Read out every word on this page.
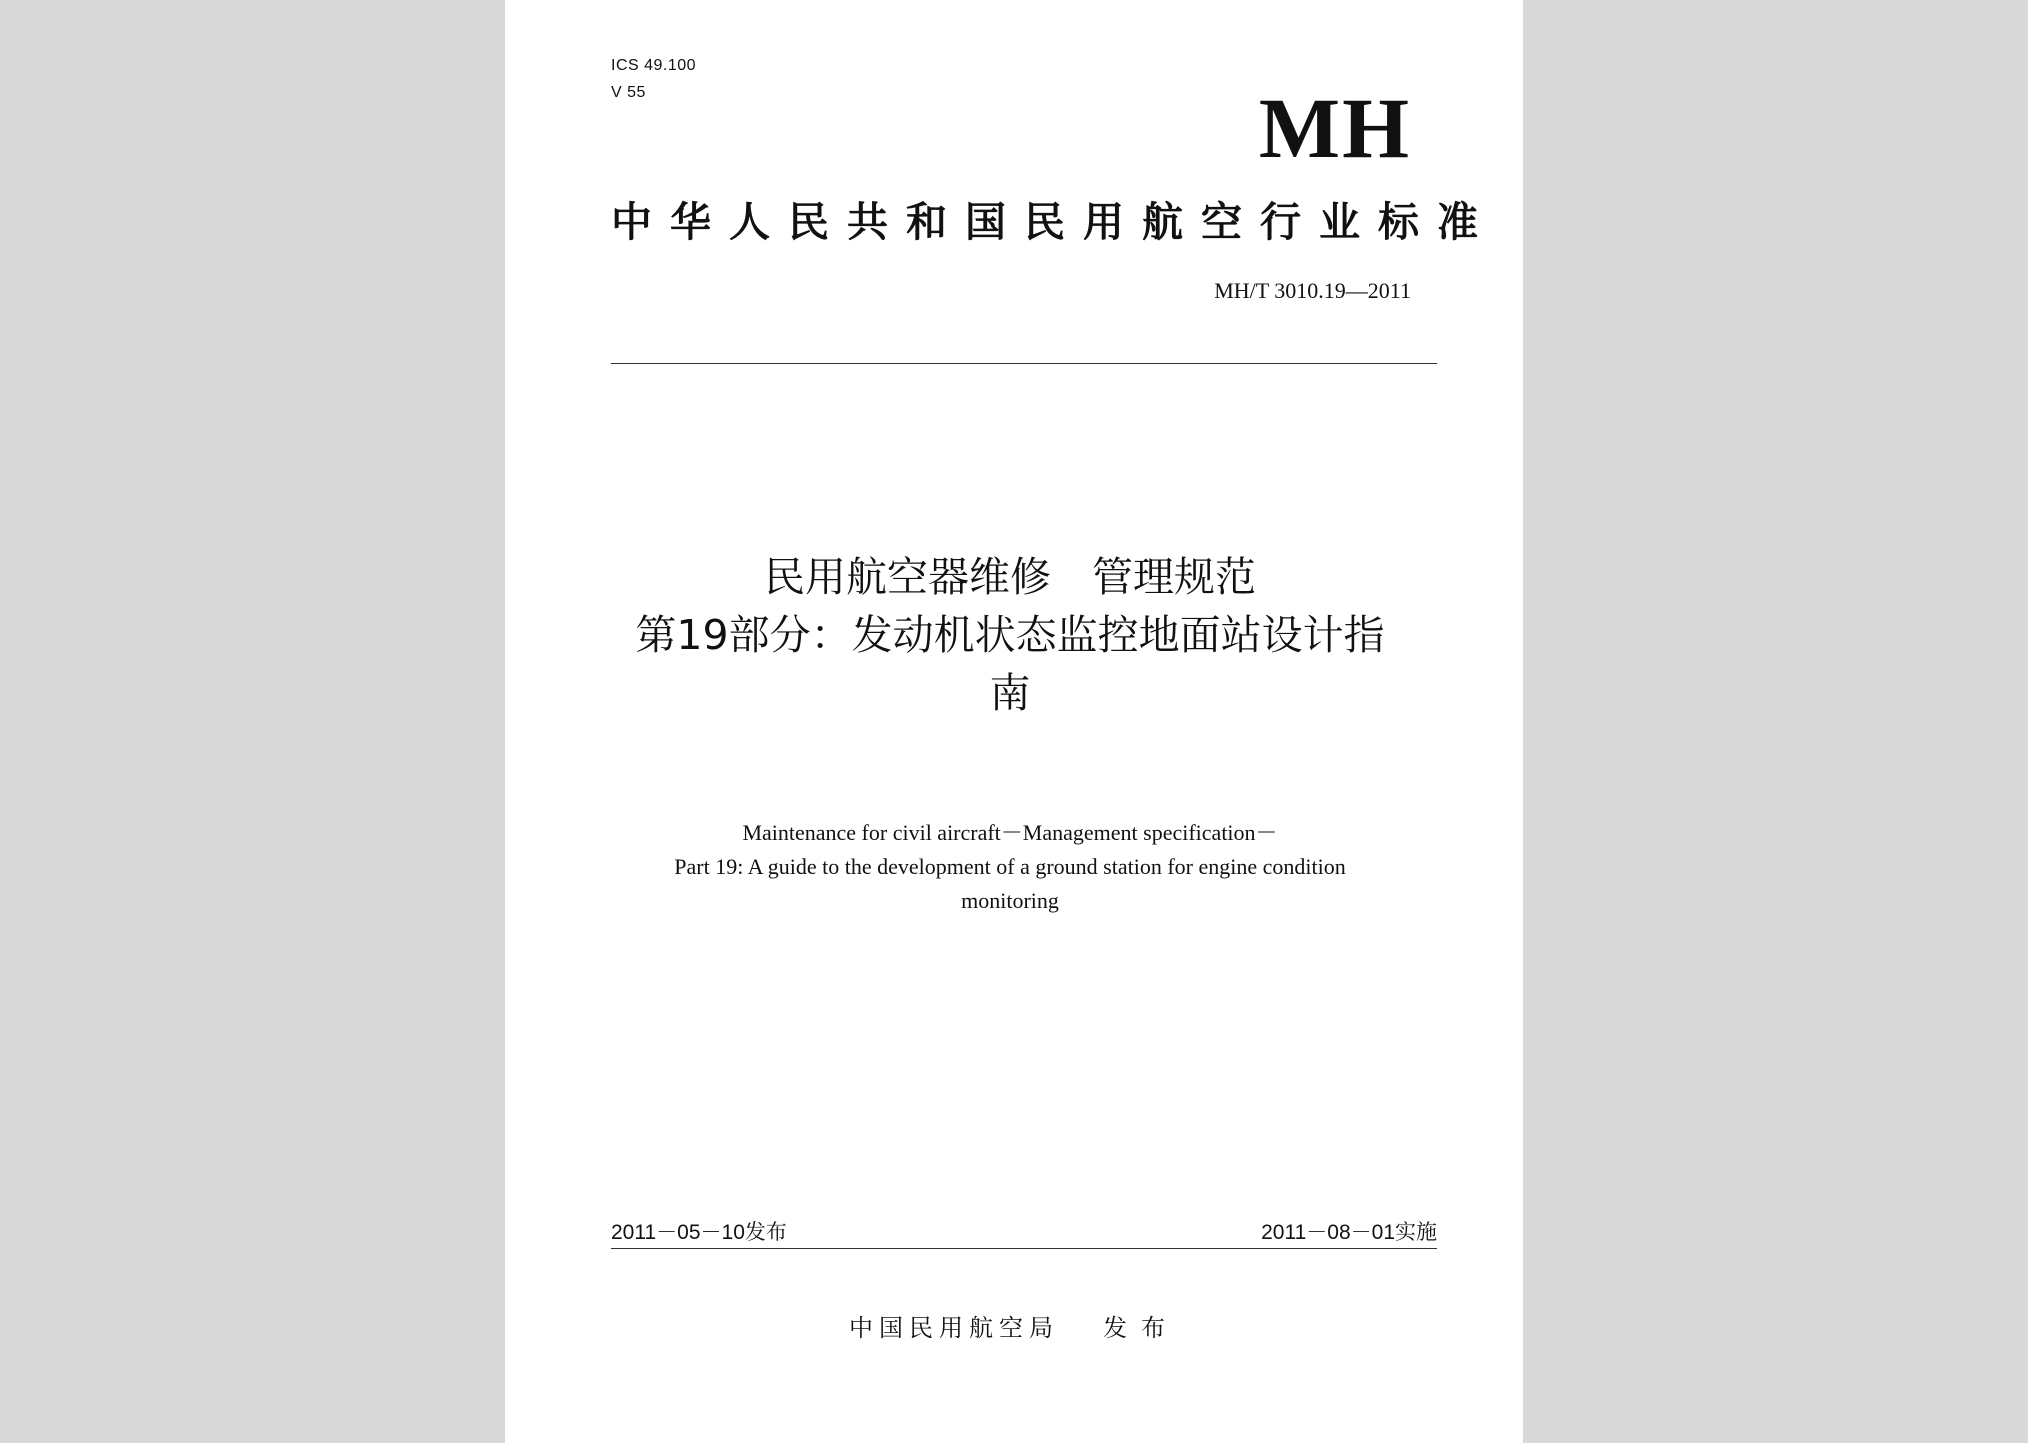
ICS 49.100
V 55	MH
中华人民共和国民用航空行业标准
MH/T 3010.19—2011
民用航空器维修　管理规范
第19部分：发动机状态监控地面站设计指
南
Maintenance for civil aircraft－Management specification－
Part 19: A guide to the development of a ground station for engine condition
monitoring
2011－05－10发布	2011－08－01实施
中国民用航空局 发布
